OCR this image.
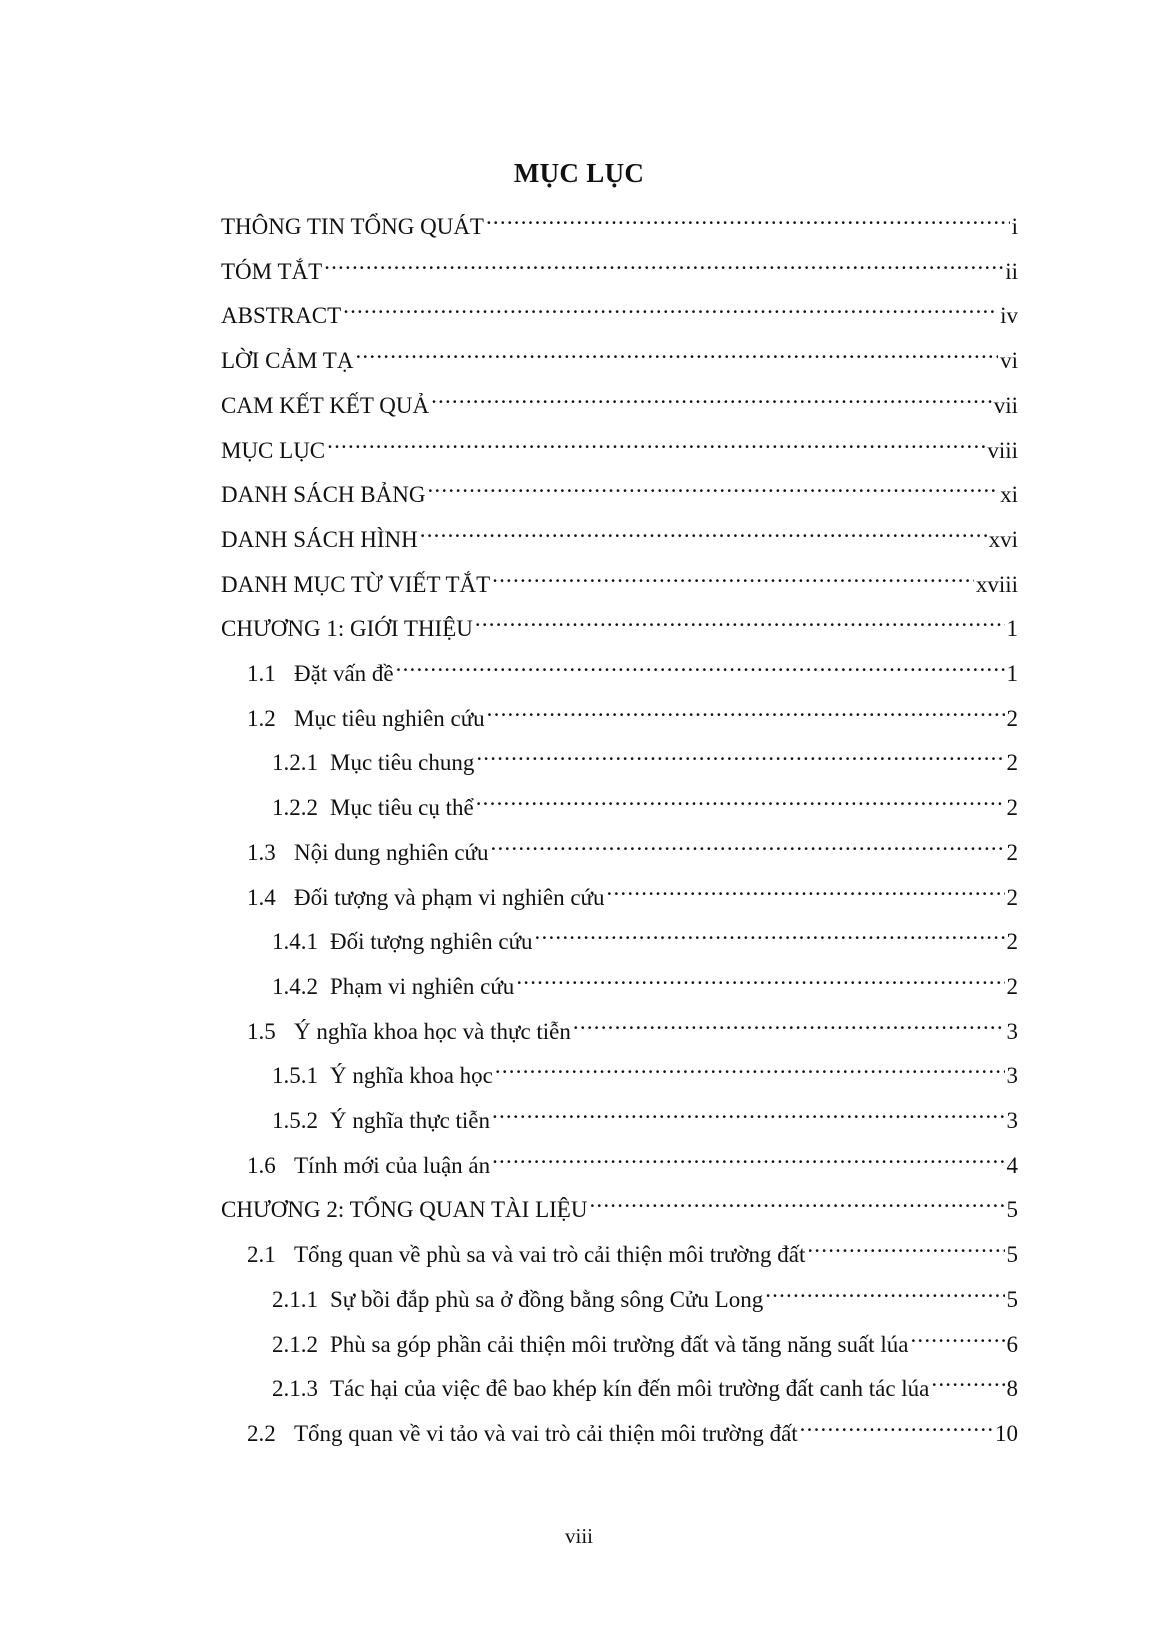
MỤC LỤC
THÔNG TIN TỔNG QUÁT .....	i
TÓM TẮT .....	ii
ABSTRACT .....	iv
LỜI CẢM TẠ .....	vi
CAM KẾT KẾT QUẢ .....	vii
MỤC LỤC .....	viii
DANH SÁCH BẢNG .....	xi
DANH SÁCH HÌNH .....	xvi
DANH MỤC TỪ VIẾT TẮT .....	xviii
CHƯƠNG 1: GIỚI THIỆU .....	1
1.1 Đặt vấn đề .....	1
1.2 Mục tiêu nghiên cứu .....	2
1.2.1 Mục tiêu chung .....	2
1.2.2 Mục tiêu cụ thể .....	2
1.3 Nội dung nghiên cứu .....	2
1.4 Đối tượng và phạm vi nghiên cứu .....	2
1.4.1 Đối tượng nghiên cứu .....	2
1.4.2 Phạm vi nghiên cứu .....	2
1.5 Ý nghĩa khoa học và thực tiễn .....	3
1.5.1 Ý nghĩa khoa học .....	3
1.5.2 Ý nghĩa thực tiễn .....	3
1.6 Tính mới của luận án .....	4
CHƯƠNG 2: TỔNG QUAN TÀI LIỆU .....	5
2.1 Tổng quan về phù sa và vai trò cải thiện môi trường đất .....	5
2.1.1 Sự bồi đắp phù sa ở đồng bằng sông Cửu Long .....	5
2.1.2 Phù sa góp phần cải thiện môi trường đất và tăng năng suất lúa .....	6
2.1.3 Tác hại của việc đê bao khép kín đến môi trường đất canh tác lúa .....	8
2.2 Tổng quan về vi tảo và vai trò cải thiện môi trường đất .....	10
viii
